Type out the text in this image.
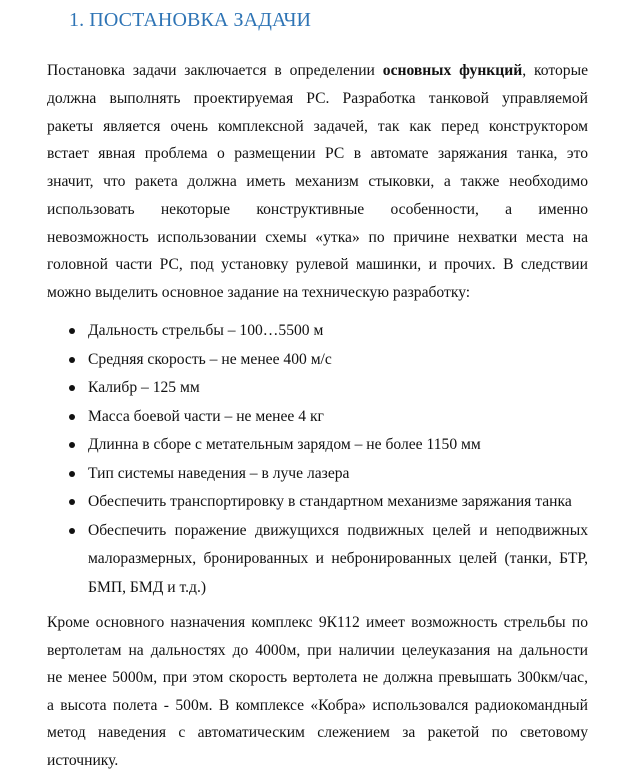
1. ПОСТАНОВКА ЗАДАЧИ
Постановка задачи заключается в определении основных функций, которые
должна выполнять проектируемая РС. Разработка танковой управляемой
ракеты является очень комплексной задачей, так как перед конструктором
встает явная проблема о размещении РС в автомате заряжания танка, это
значит, что ракета должна иметь механизм стыковки, а также необходимо
использовать некоторые конструктивные особенности, а именно
невозможность использовании схемы «утка» по причине нехватки места на
головной части РС, под установку рулевой машинки, и прочих. В следствии
можно выделить основное задание на техническую разработку:
Дальность стрельбы – 100…5500 м
Средняя скорость – не менее 400 м/с
Калибр – 125 мм
Масса боевой части – не менее 4 кг
Длинна в сборе с метательным зарядом – не более 1150 мм
Тип системы наведения – в луче лазера
Обеспечить транспортировку в стандартном механизме заряжания танка
Обеспечить поражение движущихся подвижных целей и неподвижных
малоразмерных, бронированных и небронированных целей (танки, БТР,
БМП, БМД и т.д.)
Кроме основного назначения комплекс 9К112 имеет возможность стрельбы по
вертолетам на дальностях до 4000м, при наличии целеуказания на дальности
не менее 5000м, при этом скорость вертолета не должна превышать 300км/час,
а высота полета - 500м. В комплексе «Кобра» использовался радиокомандный
метод наведения с автоматическим слежением за ракетой по световому
источнику.
